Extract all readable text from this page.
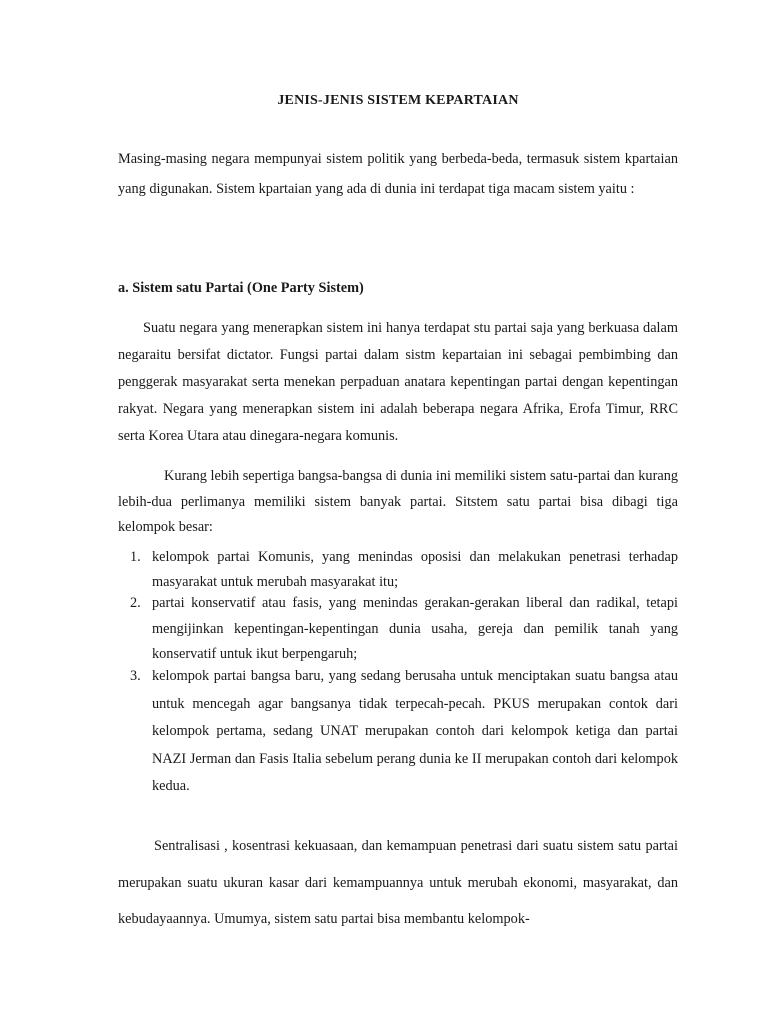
JENIS-JENIS SISTEM KEPARTAIAN

Masing-masing negara mempunyai sistem politik yang berbeda-beda, termasuk sistem kpartaian yang digunakan. Sistem kpartaian yang ada di dunia ini terdapat tiga macam sistem yaitu :

a. Sistem satu Partai (One Party Sistem)

Suatu negara yang menerapkan sistem ini hanya terdapat stu partai saja yang berkuasa dalam negaraitu bersifat dictator. Fungsi partai dalam sistm kepartaian ini sebagai pembimbing dan penggerak masyarakat serta menekan perpaduan anatara kepentingan partai dengan kepentingan rakyat. Negara yang menerapkan sistem ini adalah beberapa negara Afrika, Erofa Timur, RRC serta Korea Utara atau dinegara-negara komunis.

Kurang lebih sepertiga bangsa-bangsa di dunia ini memiliki sistem satu-partai dan kurang lebih-dua perlimanya memiliki sistem banyak partai. Sitstem satu partai bisa dibagi tiga kelompok besar:

1. kelompok partai Komunis, yang menindas oposisi dan melakukan penetrasi terhadap masyarakat untuk merubah masyarakat itu;
2. partai konservatif atau fasis, yang menindas gerakan-gerakan liberal dan radikal, tetapi mengijinkan kepentingan-kepentingan dunia usaha, gereja dan pemilik tanah yang konservatif untuk ikut berpengaruh;
3. kelompok partai bangsa baru, yang sedang berusaha untuk menciptakan suatu bangsa atau untuk mencegah agar bangsanya tidak terpecah-pecah. PKUS merupakan contok dari kelompok pertama, sedang UNAT merupakan contoh dari kelompok ketiga dan partai NAZI Jerman dan Fasis Italia sebelum perang dunia ke II merupakan contoh dari kelompok kedua.

Sentralisasi , kosentrasi kekuasaan, dan kemampuan penetrasi dari suatu sistem satu partai merupakan suatu ukuran kasar dari kemampuannya untuk merubah ekonomi, masyarakat, dan kebudayaannya. Umumya, sistem satu partai bisa membantu kelompok-
